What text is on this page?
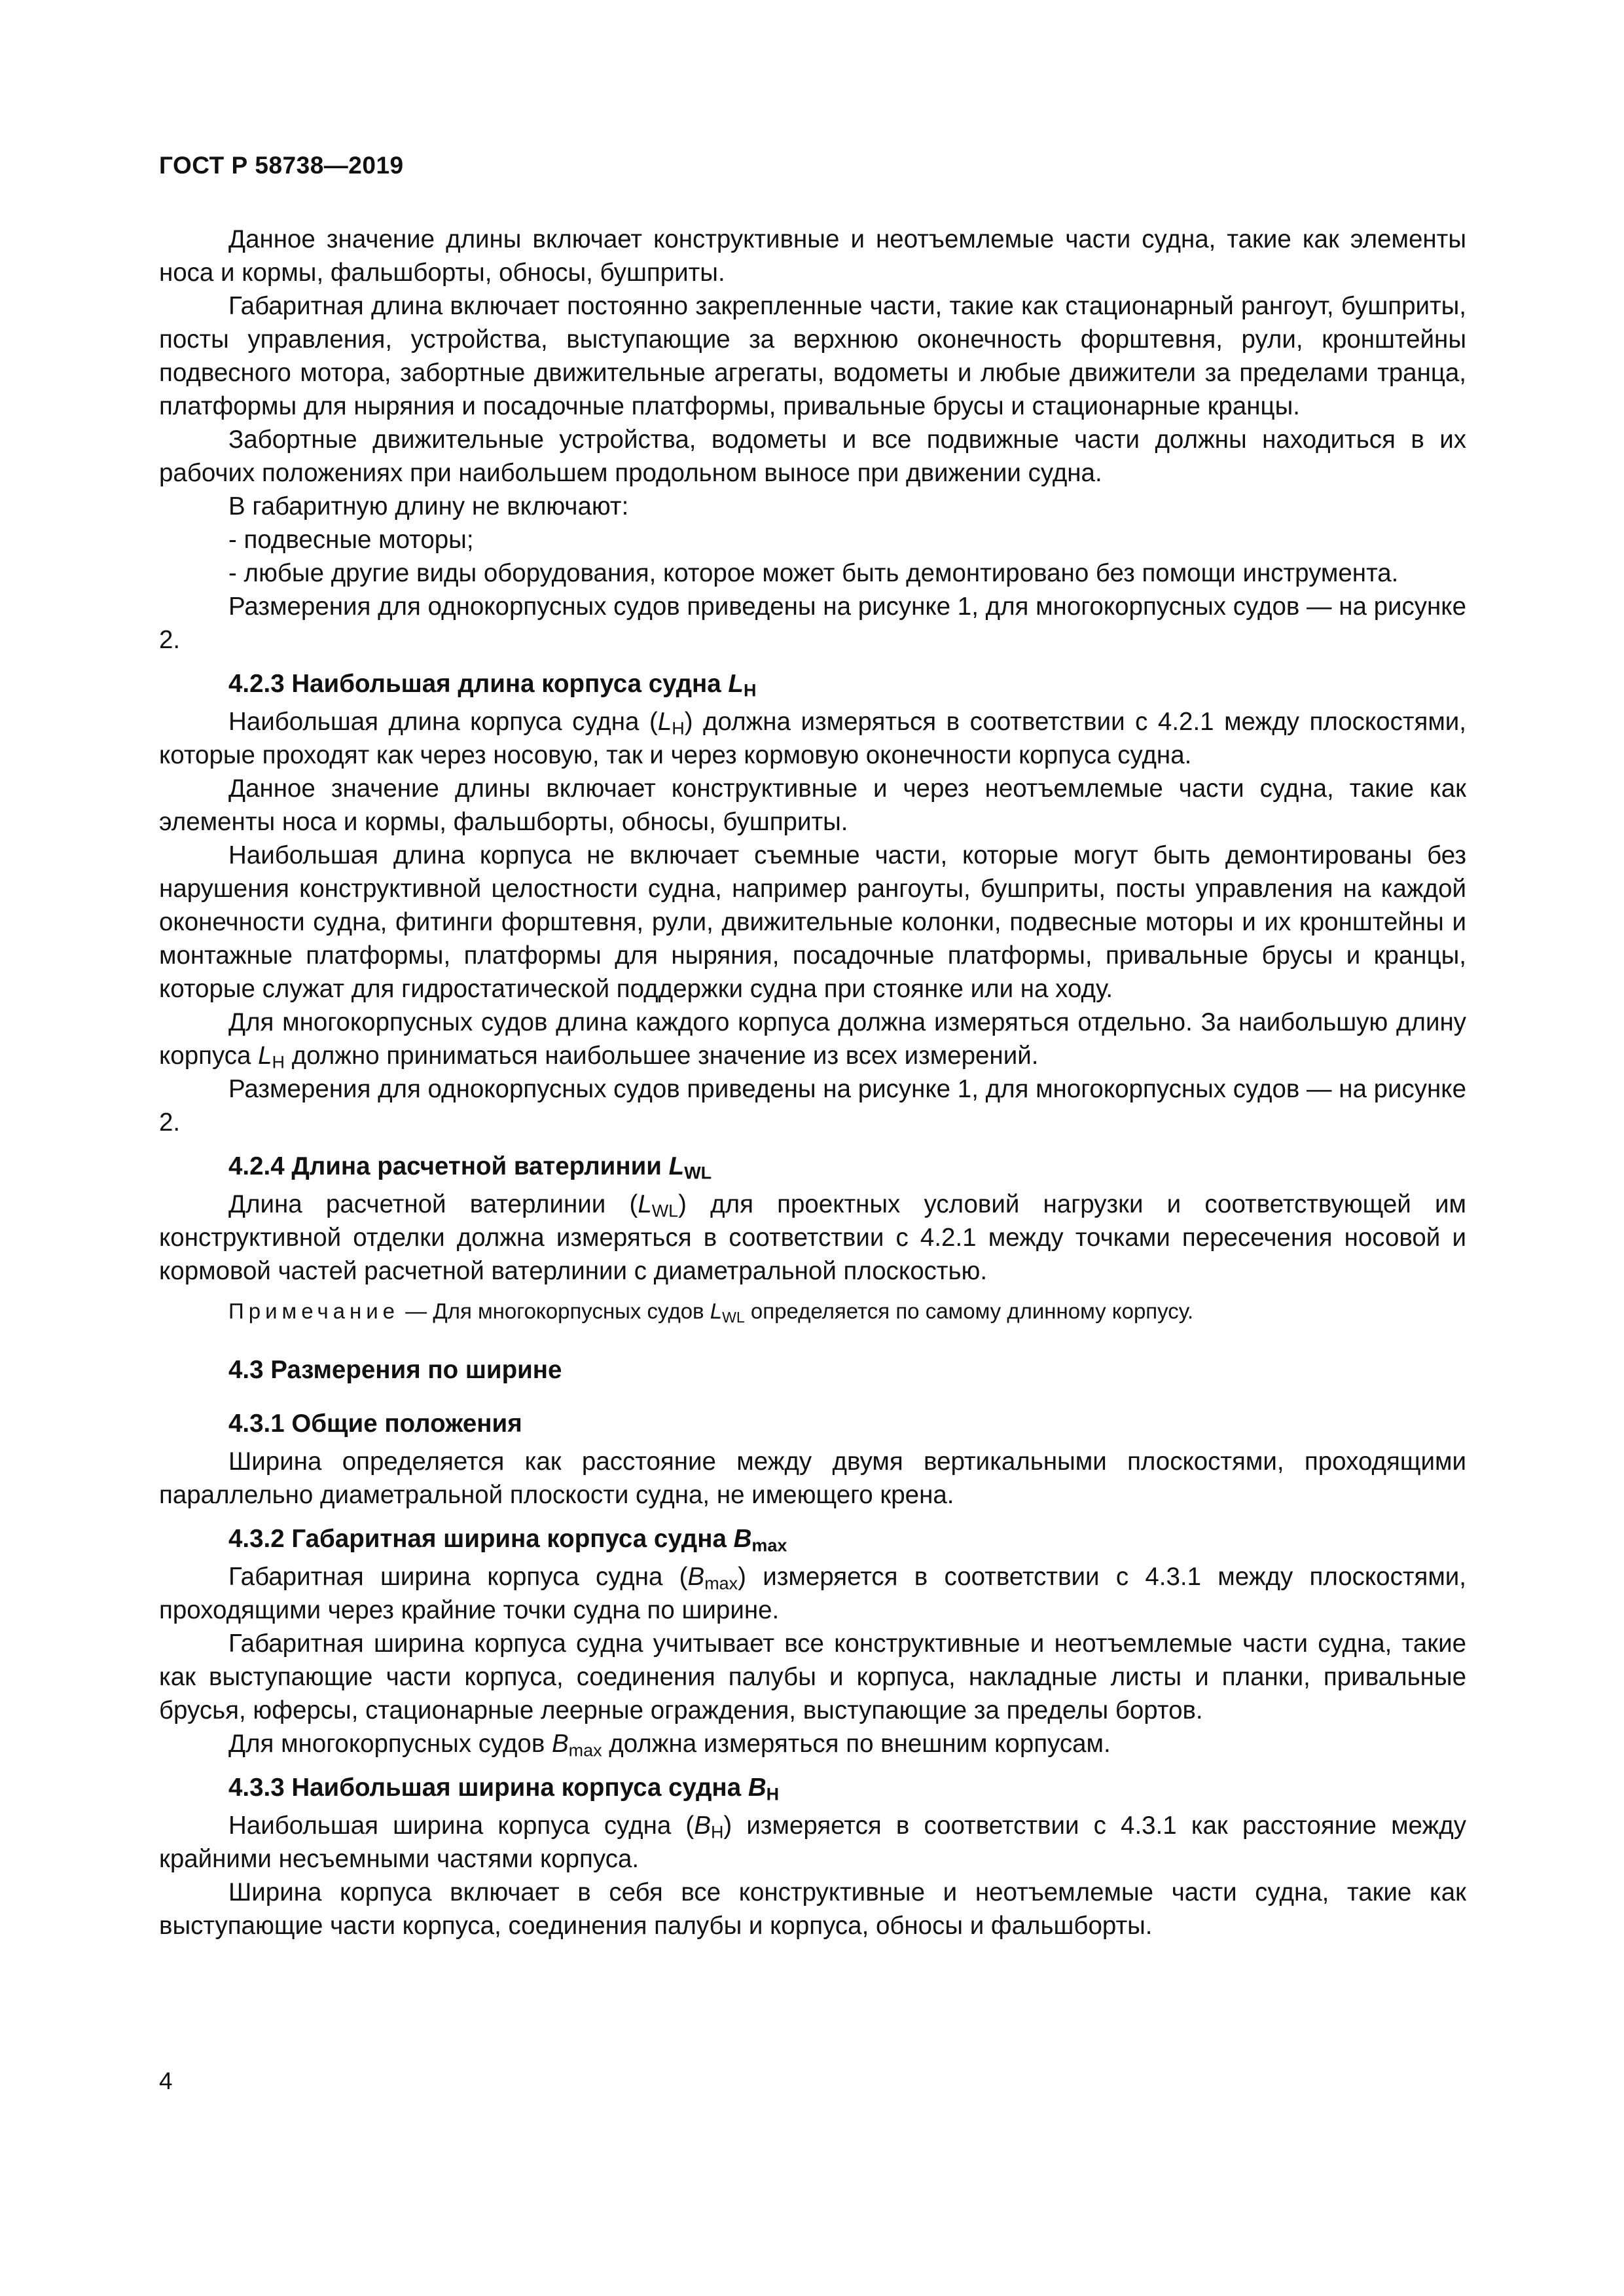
ГОСТ Р 58738—2019

Данное значение длины включает конструктивные и неотъемлемые части судна, такие как элементы носа и кормы, фальшборты, обносы, бушприты.

Габаритная длина включает постоянно закрепленные части, такие как стационарный рангоут, бушприты, посты управления, устройства, выступающие за верхнюю оконечность форштевня, рули, кронштейны подвесного мотора, забортные движительные агрегаты, водометы и любые движители за пределами транца, платформы для ныряния и посадочные платформы, привальные брусы и стационарные кранцы.

Забортные движительные устройства, водометы и все подвижные части должны находиться в их рабочих положениях при наибольшем продольном выносе при движении судна.

В габаритную длину не включают:

- подвесные моторы;

- любые другие виды оборудования, которое может быть демонтировано без помощи инструмента.

Размерения для однокорпусных судов приведены на рисунке 1, для многокорпусных судов — на рисунке 2.

4.2.3 Наибольшая длина корпуса судна $L_H$

Наибольшая длина корпуса судна $(L_H)$ должна измеряться в соответствии с 4.2.1 между плоскостями, которые проходят как через носовую, так и через кормовую оконечности корпуса судна.

Данное значение длины включает конструктивные и через неотъемлемые части судна, такие как элементы носа и кормы, фальшборты, обносы, бушприты.

Наибольшая длина корпуса не включает съемные части, которые могут быть демонтированы без нарушения конструктивной целостности судна, например рангоуты, бушприты, посты управления на каждой оконечности судна, фитинги форштевня, рули, движительные колонки, подвесные моторы и их кронштейны и монтажные платформы, платформы для ныряния, посадочные платформы, привальные брусы и кранцы, которые служат для гидростатической поддержки судна при стоянке или на ходу.

Для многокорпусных судов длина каждого корпуса должна измеряться отдельно. За наибольшую длину корпуса $L_H$ должно приниматься наибольшее значение из всех измерений.

Размерения для однокорпусных судов приведены на рисунке 1, для многокорпусных судов — на рисунке 2.

4.2.4 Длина расчетной ватерлинии $L_{WL}$

Длина расчетной ватерлинии $(L_{WL})$ для проектных условий нагрузки и соответствующей им конструктивной отделки должна измеряться в соответствии с 4.2.1 между точками пересечения носовой и кормовой частей расчетной ватерлинии с диаметральной плоскостью.

Примечание — Для многокорпусных судов $L_{WL}$ определяется по самому длинному корпусу.
4.3 Размерения по ширине
4.3.1 Общие положения

Ширина определяется как расстояние между двумя вертикальными плоскостями, проходящими параллельно диаметральной плоскости судна, не имеющего крена.

4.3.2 Габаритная ширина корпуса судна $B_{max}$

Габаритная ширина корпуса судна $(B_{max})$ измеряется в соответствии с 4.3.1 между плоскостями, проходящими через крайние точки судна по ширине.

Габаритная ширина корпуса судна учитывает все конструктивные и неотъемлемые части судна, такие как выступающие части корпуса, соединения палубы и корпуса, накладные листы и планки, привальные брусья, юферсы, стационарные леерные ограждения, выступающие за пределы бортов.

Для многокорпусных судов $B_{max}$ должна измеряться по внешним корпусам.

4.3.3 Наибольшая ширина корпуса судна $B_H$

Наибольшая ширина корпуса судна $(B_H)$ измеряется в соответствии с 4.3.1 как расстояние между крайними несъемными частями корпуса.

Ширина корпуса включает в себя все конструктивные и неотъемлемые части судна, такие как выступающие части корпуса, соединения палубы и корпуса, обносы и фальшборты.

4
